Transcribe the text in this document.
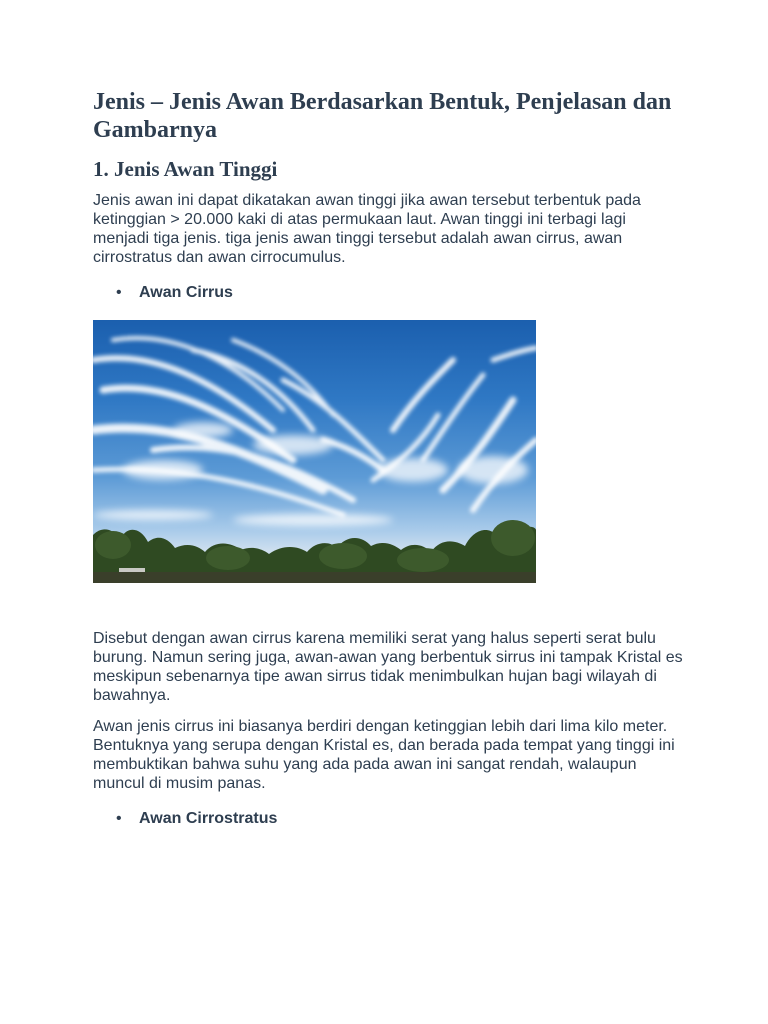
Jenis – Jenis Awan Berdasarkan Bentuk, Penjelasan dan Gambarnya
1. Jenis Awan Tinggi

Jenis awan ini dapat dikatakan awan tinggi jika awan tersebut terbentuk pada ketinggian > 20.000 kaki di atas permukaan laut. Awan tinggi ini terbagi lagi menjadi tiga jenis. tiga jenis awan tinggi tersebut adalah awan cirrus, awan cirrostratus dan awan cirrocumulus.

• Awan Cirrus

Disebut dengan awan cirrus karena memiliki serat yang halus seperti serat bulu burung. Namun sering juga, awan-awan yang berbentuk sirrus ini tampak Kristal es meskipun sebenarnya tipe awan sirrus tidak menimbulkan hujan bagi wilayah di bawahnya.

Awan jenis cirrus ini biasanya berdiri dengan ketinggian lebih dari lima kilo meter. Bentuknya yang serupa dengan Kristal es, dan berada pada tempat yang tinggi ini membuktikan bahwa suhu yang ada pada awan ini sangat rendah, walaupun muncul di musim panas.

• Awan Cirrostratus
